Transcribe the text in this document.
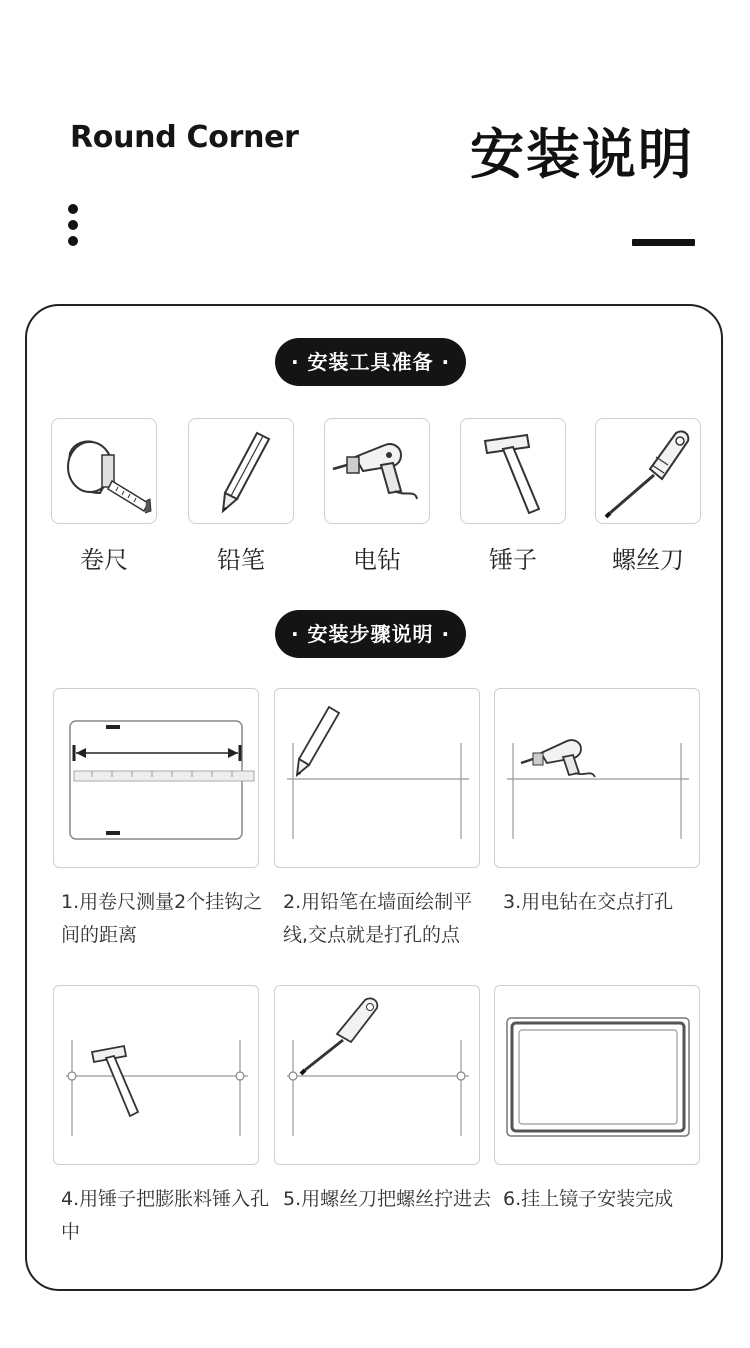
Round Corner	安装说明
· 安装工具准备 ·
卷尺	铅笔	电钻	锤子	螺丝刀
· 安装步骤说明 ·
1.用卷尺测量2个挂钩之间的距离
2.用铅笔在墙面绘制平线,交点就是打孔的点
3.用电钻在交点打孔
4.用锤子把膨胀料锤入孔中
5.用螺丝刀把螺丝拧进去 6.挂上镜子安装完成
